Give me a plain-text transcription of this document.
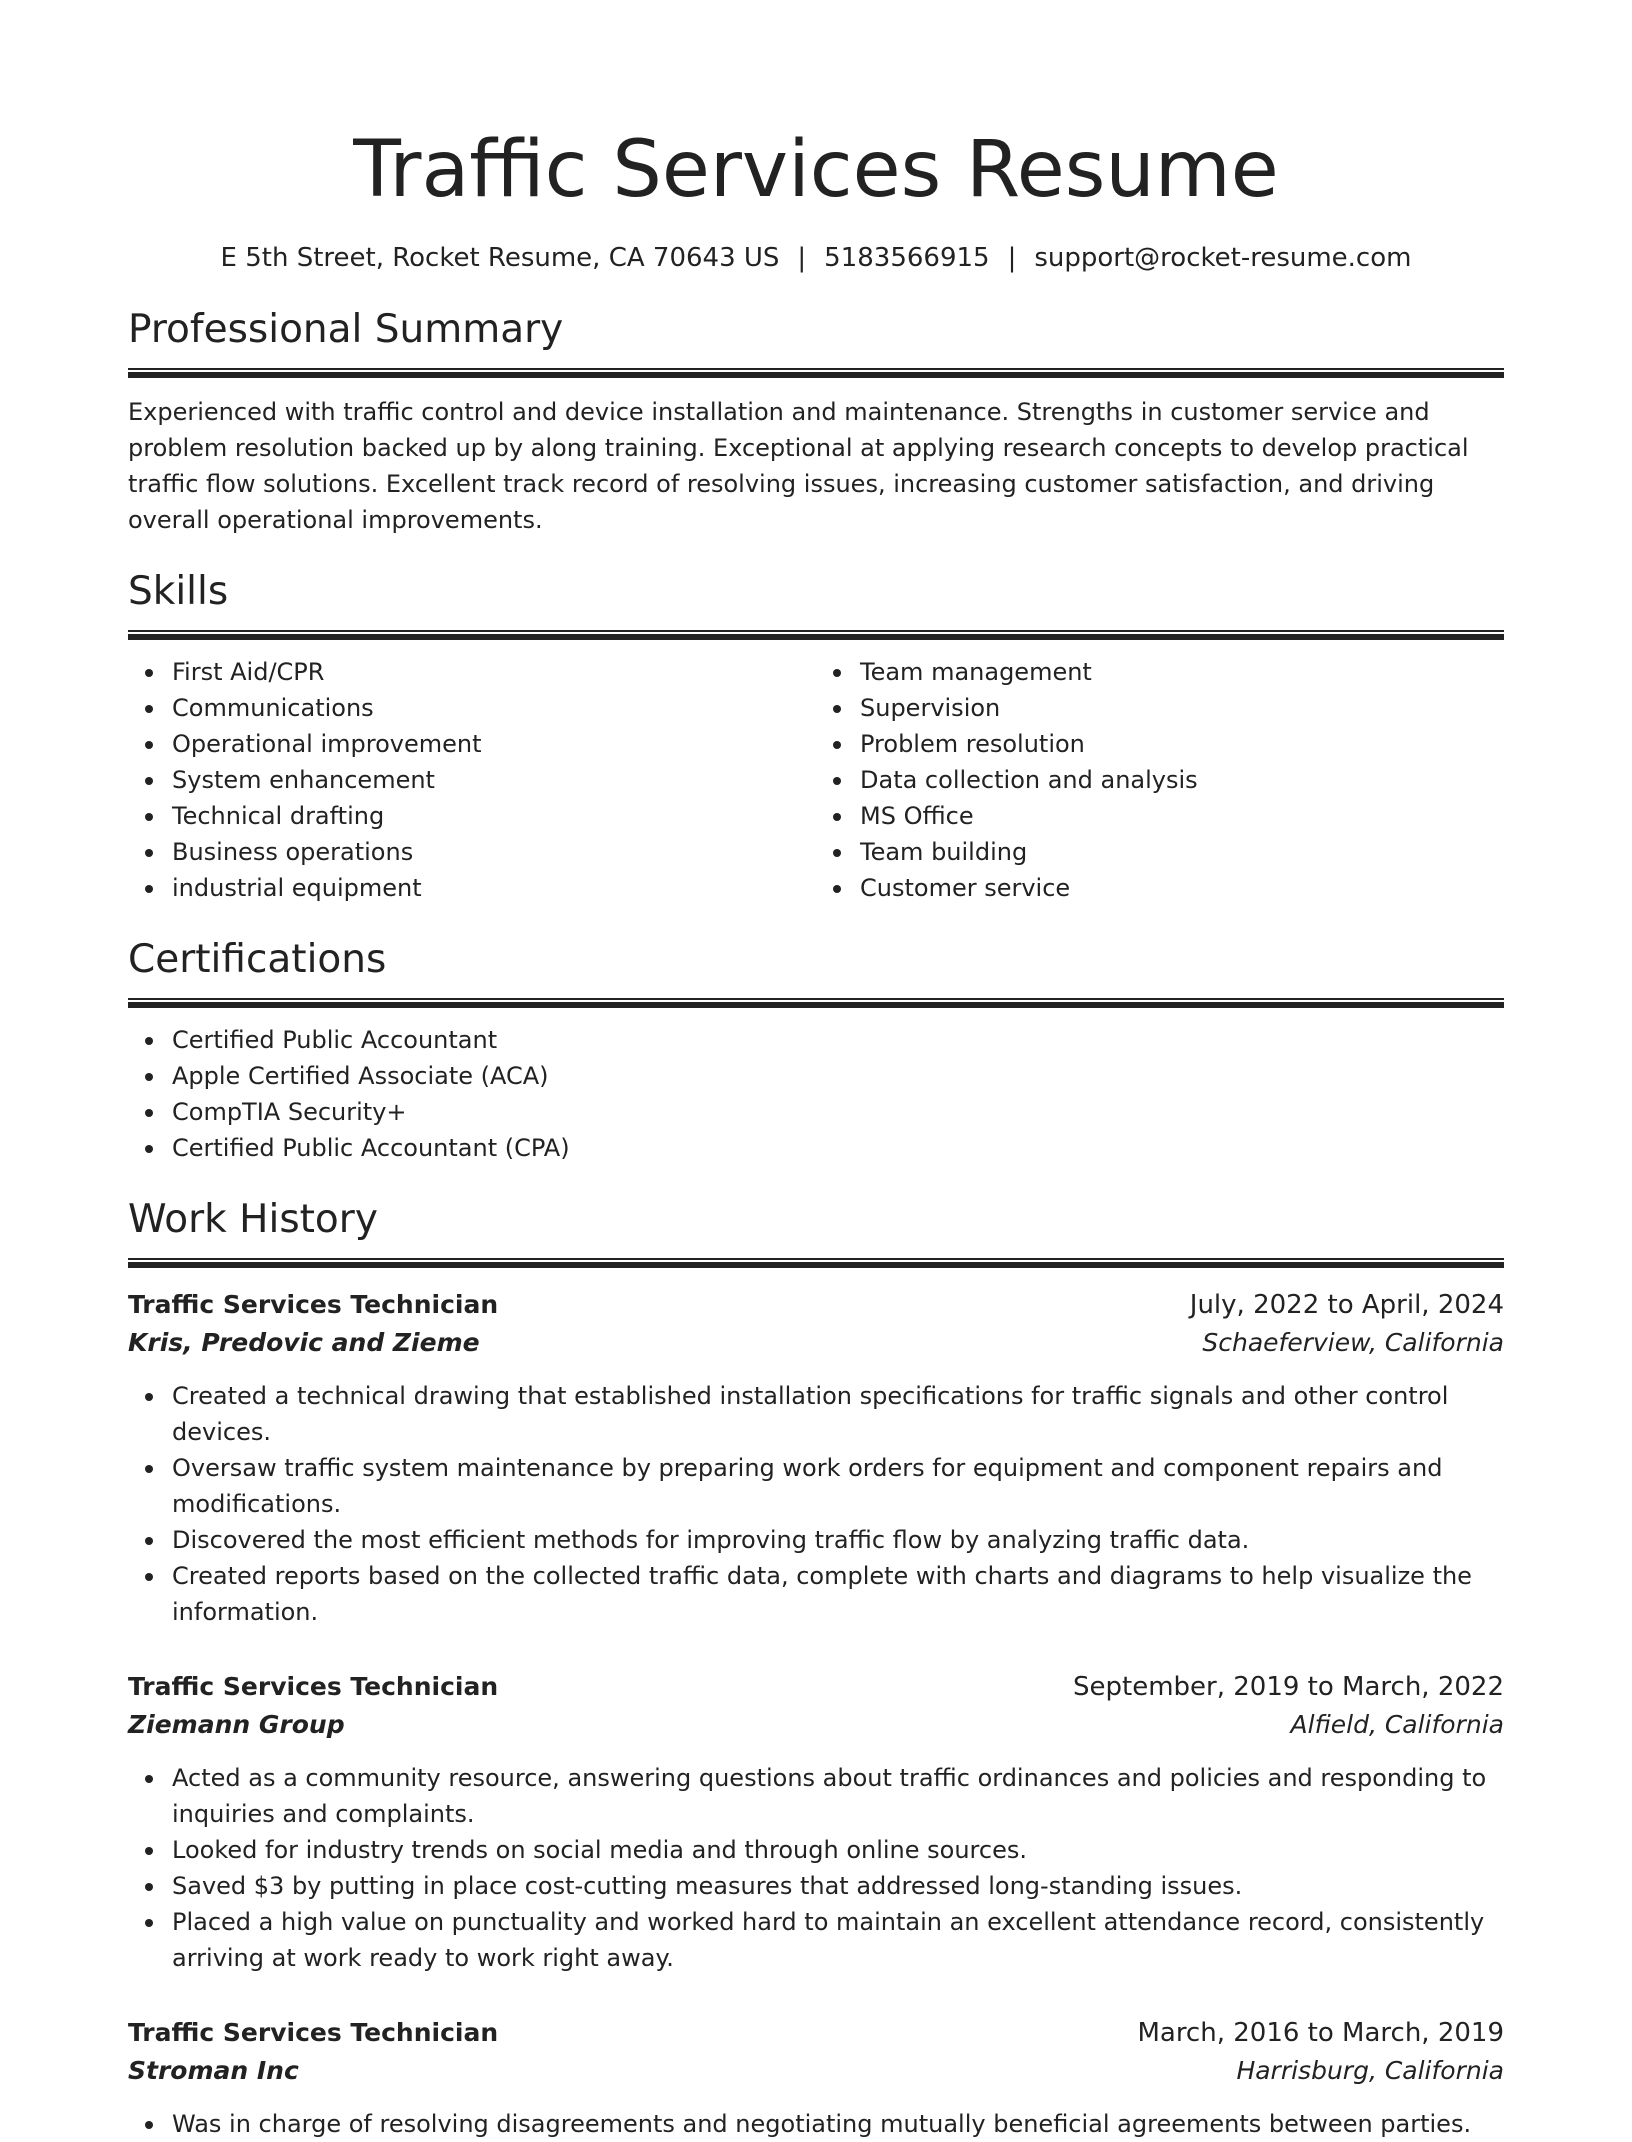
Traffic Services Resume
E 5th Street, Rocket Resume, CA 70643 US | 5183566915 | support@rocket-resume.com
Professional Summary
Experienced with traffic control and device installation and maintenance. Strengths in customer service and problem resolution backed up by along training. Exceptional at applying research concepts to develop practical traffic flow solutions. Excellent track record of resolving issues, increasing customer satisfaction, and driving overall operational improvements.
Skills
First Aid/CPR
Communications
Operational improvement
System enhancement
Technical drafting
Business operations
industrial equipment
Team management
Supervision
Problem resolution
Data collection and analysis
MS Office
Team building
Customer service
Certifications
Certified Public Accountant
Apple Certified Associate (ACA)
CompTIA Security+
Certified Public Accountant (CPA)
Work History
Traffic Services Technician	July, 2022 to April, 2024
Kris, Predovic and Zieme	Schaeferview, California
Created a technical drawing that established installation specifications for traffic signals and other control devices.
Oversaw traffic system maintenance by preparing work orders for equipment and component repairs and modifications.
Discovered the most efficient methods for improving traffic flow by analyzing traffic data.
Created reports based on the collected traffic data, complete with charts and diagrams to help visualize the information.
Traffic Services Technician	September, 2019 to March, 2022
Ziemann Group	Alfield, California
Acted as a community resource, answering questions about traffic ordinances and policies and responding to inquiries and complaints.
Looked for industry trends on social media and through online sources.
Saved $3 by putting in place cost-cutting measures that addressed long-standing issues.
Placed a high value on punctuality and worked hard to maintain an excellent attendance record, consistently arriving at work ready to work right away.
Traffic Services Technician	March, 2016 to March, 2019
Stroman Inc	Harrisburg, California
Was in charge of resolving disagreements and negotiating mutually beneficial agreements between parties.
